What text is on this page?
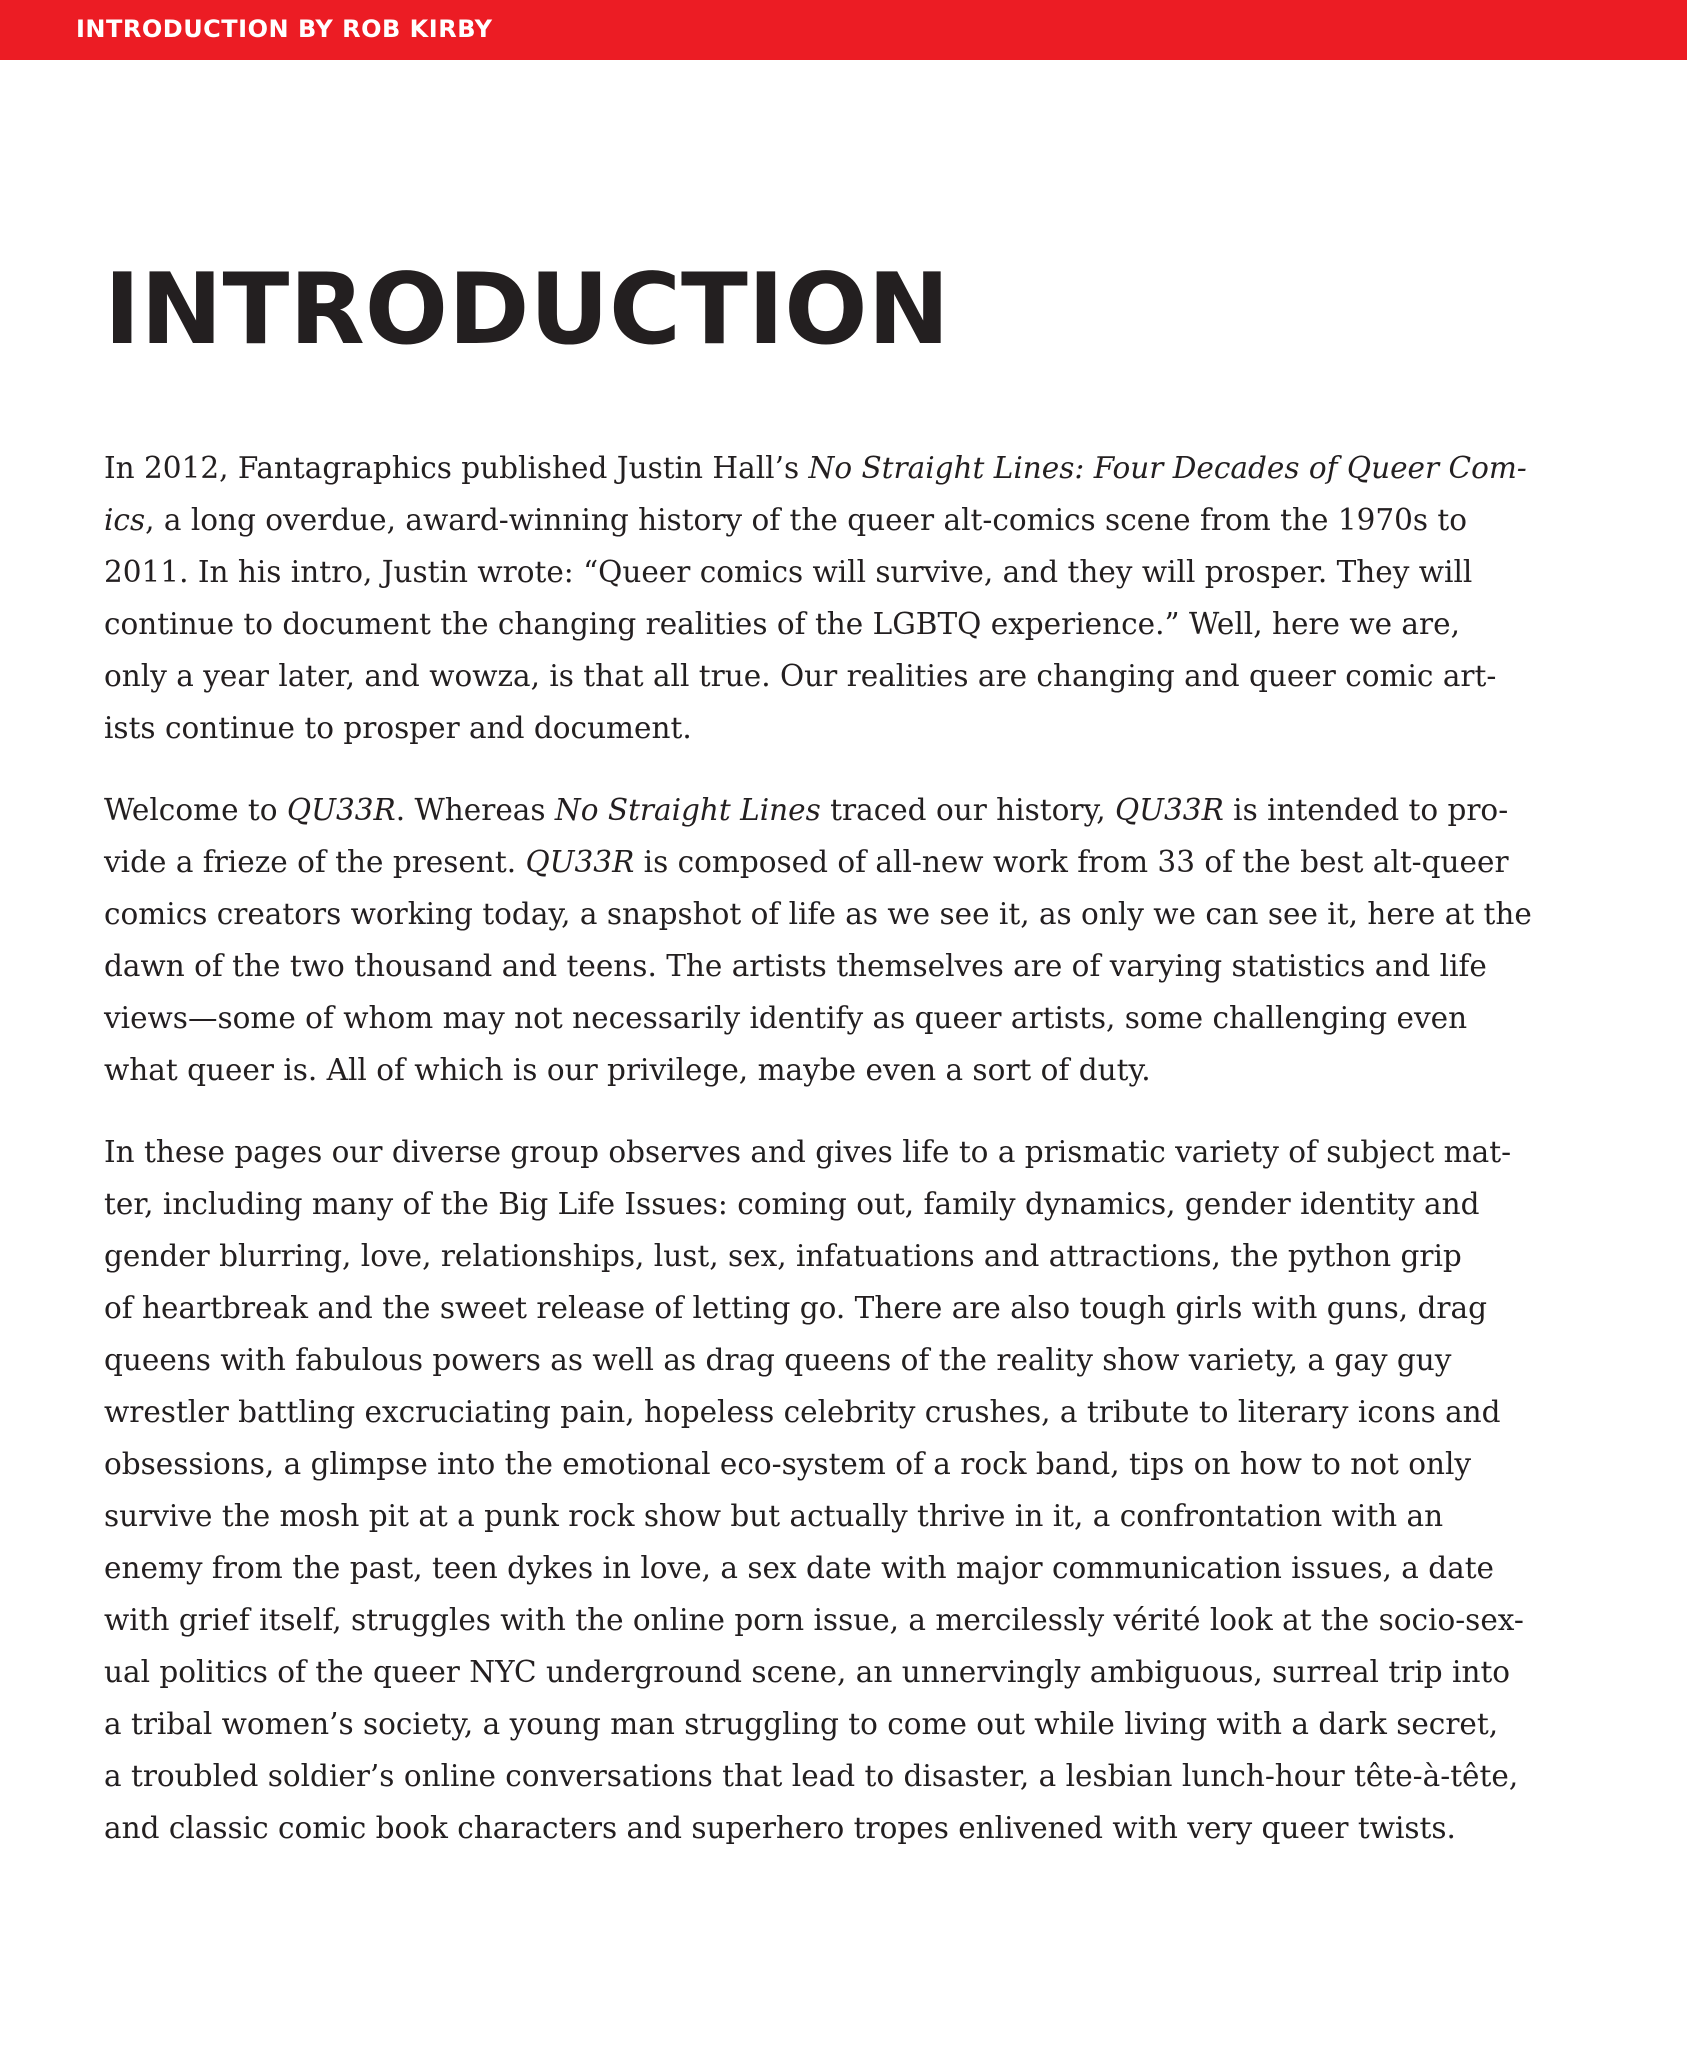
INTRODUCTION BY ROB KIRBY
INTRODUCTION

In 2012, Fantagraphics published Justin Hall’s No Straight Lines: Four Decades of Queer Com-
ics, a long overdue, award-winning history of the queer alt-comics scene from the 1970s to
2011. In his intro, Justin wrote: “Queer comics will survive, and they will prosper. They will
continue to document the changing realities of the LGBTQ experience.” Well, here we are,
only a year later, and wowza, is that all true. Our realities are changing and queer comic art-
ists continue to prosper and document.

Welcome to QU33R. Whereas No Straight Lines traced our history, QU33R is intended to pro-
vide a frieze of the present. QU33R is composed of all-new work from 33 of the best alt-queer
comics creators working today, a snapshot of life as we see it, as only we can see it, here at the
dawn of the two thousand and teens. The artists themselves are of varying statistics and life
views—some of whom may not necessarily identify as queer artists, some challenging even
what queer is. All of which is our privilege, maybe even a sort of duty.

In these pages our diverse group observes and gives life to a prismatic variety of subject mat-
ter, including many of the Big Life Issues: coming out, family dynamics, gender identity and
gender blurring, love, relationships, lust, sex, infatuations and attractions, the python grip
of heartbreak and the sweet release of letting go. There are also tough girls with guns, drag
queens with fabulous powers as well as drag queens of the reality show variety, a gay guy
wrestler battling excruciating pain, hopeless celebrity crushes, a tribute to literary icons and
obsessions, a glimpse into the emotional eco-system of a rock band, tips on how to not only
survive the mosh pit at a punk rock show but actually thrive in it, a confrontation with an
enemy from the past, teen dykes in love, a sex date with major communication issues, a date
with grief itself, struggles with the online porn issue, a mercilessly vérité look at the socio-sex-
ual politics of the queer NYC underground scene, an unnervingly ambiguous, surreal trip into
a tribal women’s society, a young man struggling to come out while living with a dark secret,
a troubled soldier’s online conversations that lead to disaster, a lesbian lunch-hour tête-à-tête,
and classic comic book characters and superhero tropes enlivened with very queer twists.
